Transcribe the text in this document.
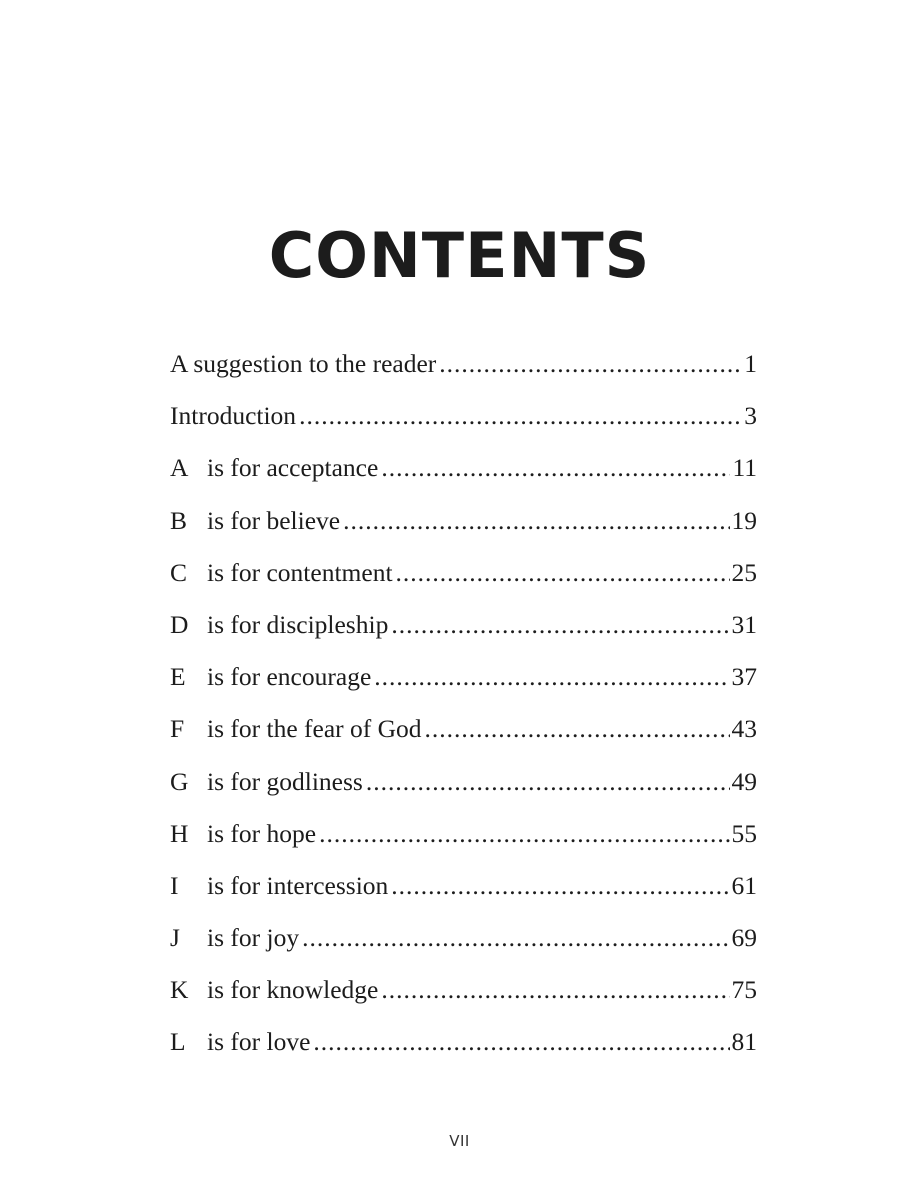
CONTENTS
A suggestion to the reader .....	1
Introduction .....	3
A is for acceptance .....	11
B is for believe .....	19
C is for contentment .....	25
D is for discipleship .....	31
E is for encourage .....	37
F is for the fear of God .....	43
G is for godliness .....	49
H is for hope .....	55
I	is for intercession .....	61
J	is for joy .....	69
K is for knowledge .....	75
L is for love .....	81
VII
